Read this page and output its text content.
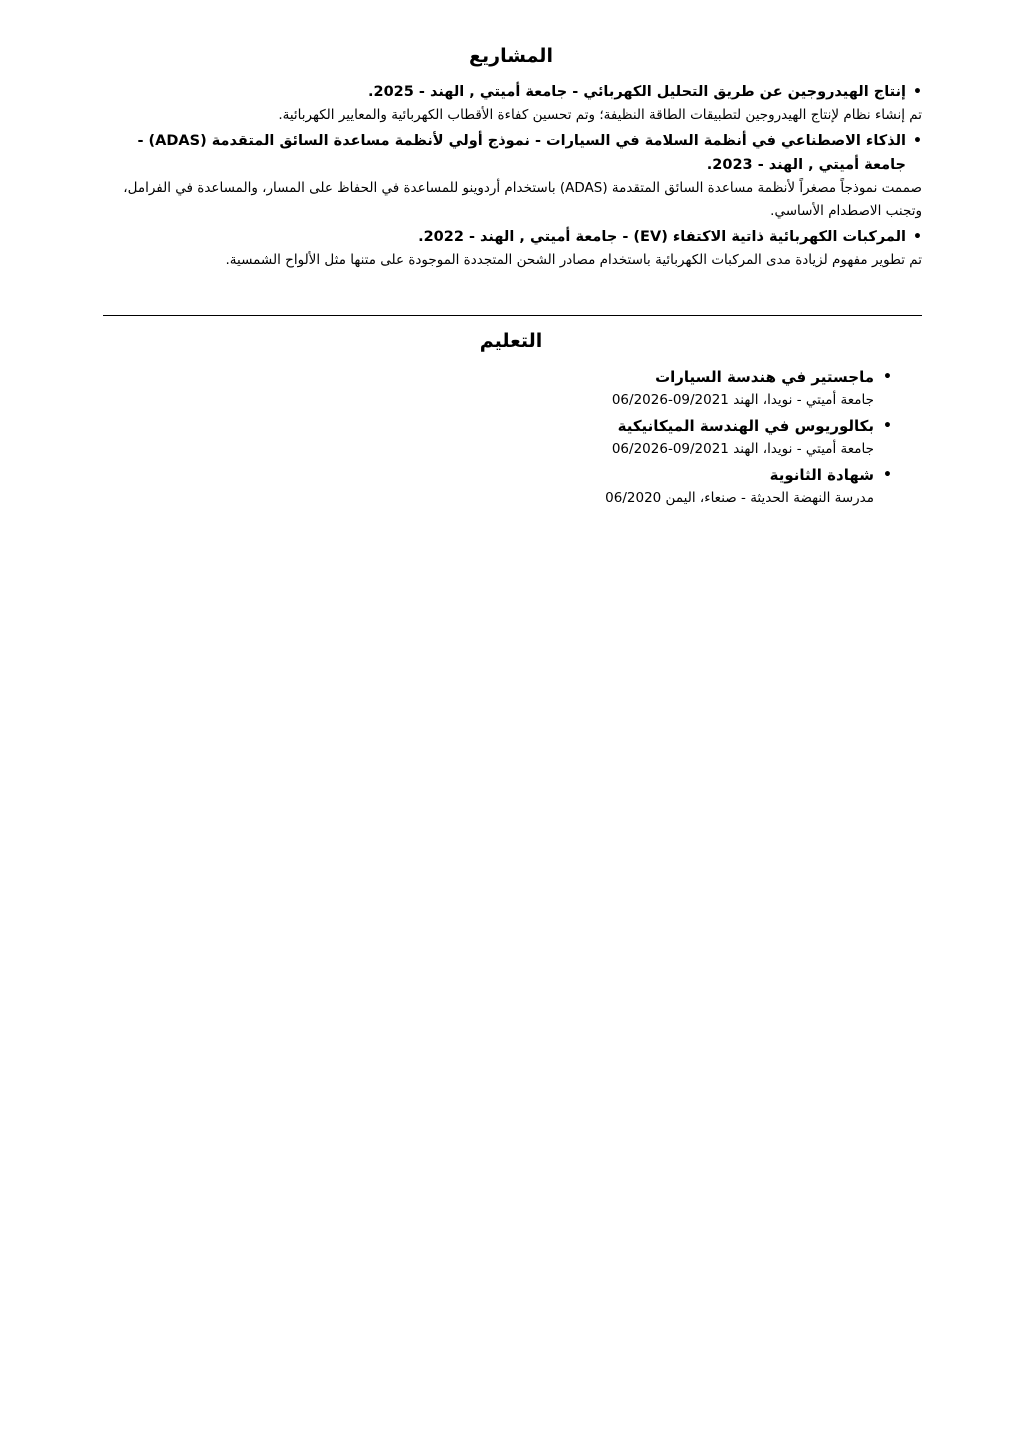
المشاريع
•

إنتاج الهيدروجين عن طريق التحليل الكهربائي - جامعة أميتي , الهند - 2025.

تم إنشاء نظام لإنتاج الهيدروجين لتطبيقات الطاقة النظيفة؛ وتم تحسين كفاءة الأقطاب الكهربائية والمعايير الكهربائية.

•

الذكاء الاصطناعي في أنظمة السلامة في السيارات - نموذج أولي لأنظمة مساعدة السائق المتقدمة (ADAS) - جامعة أميتي , الهند - 2023.

صممت نموذجاً مصغراً لأنظمة مساعدة السائق المتقدمة (ADAS) باستخدام أردوينو للمساعدة في الحفاظ على المسار، والمساعدة في الفرامل، وتجنب الاصطدام الأساسي.

•

المركبات الكهربائية ذاتية الاكتفاء (EV) - جامعة أميتي , الهند - 2022.

تم تطوير مفهوم لزيادة مدى المركبات الكهربائية باستخدام مصادر الشحن المتجددة الموجودة على متنها مثل الألواح الشمسية.

التعليم
•

ماجستير في هندسة السيارات

جامعة أميتي - نويدا، الهند 09/2021-06/2026

•

بكالوريوس في الهندسة الميكانيكية

جامعة أميتي - نويدا، الهند 09/2021-06/2026

•

شهادة الثانوية

مدرسة النهضة الحديثة - صنعاء، اليمن 06/2020
